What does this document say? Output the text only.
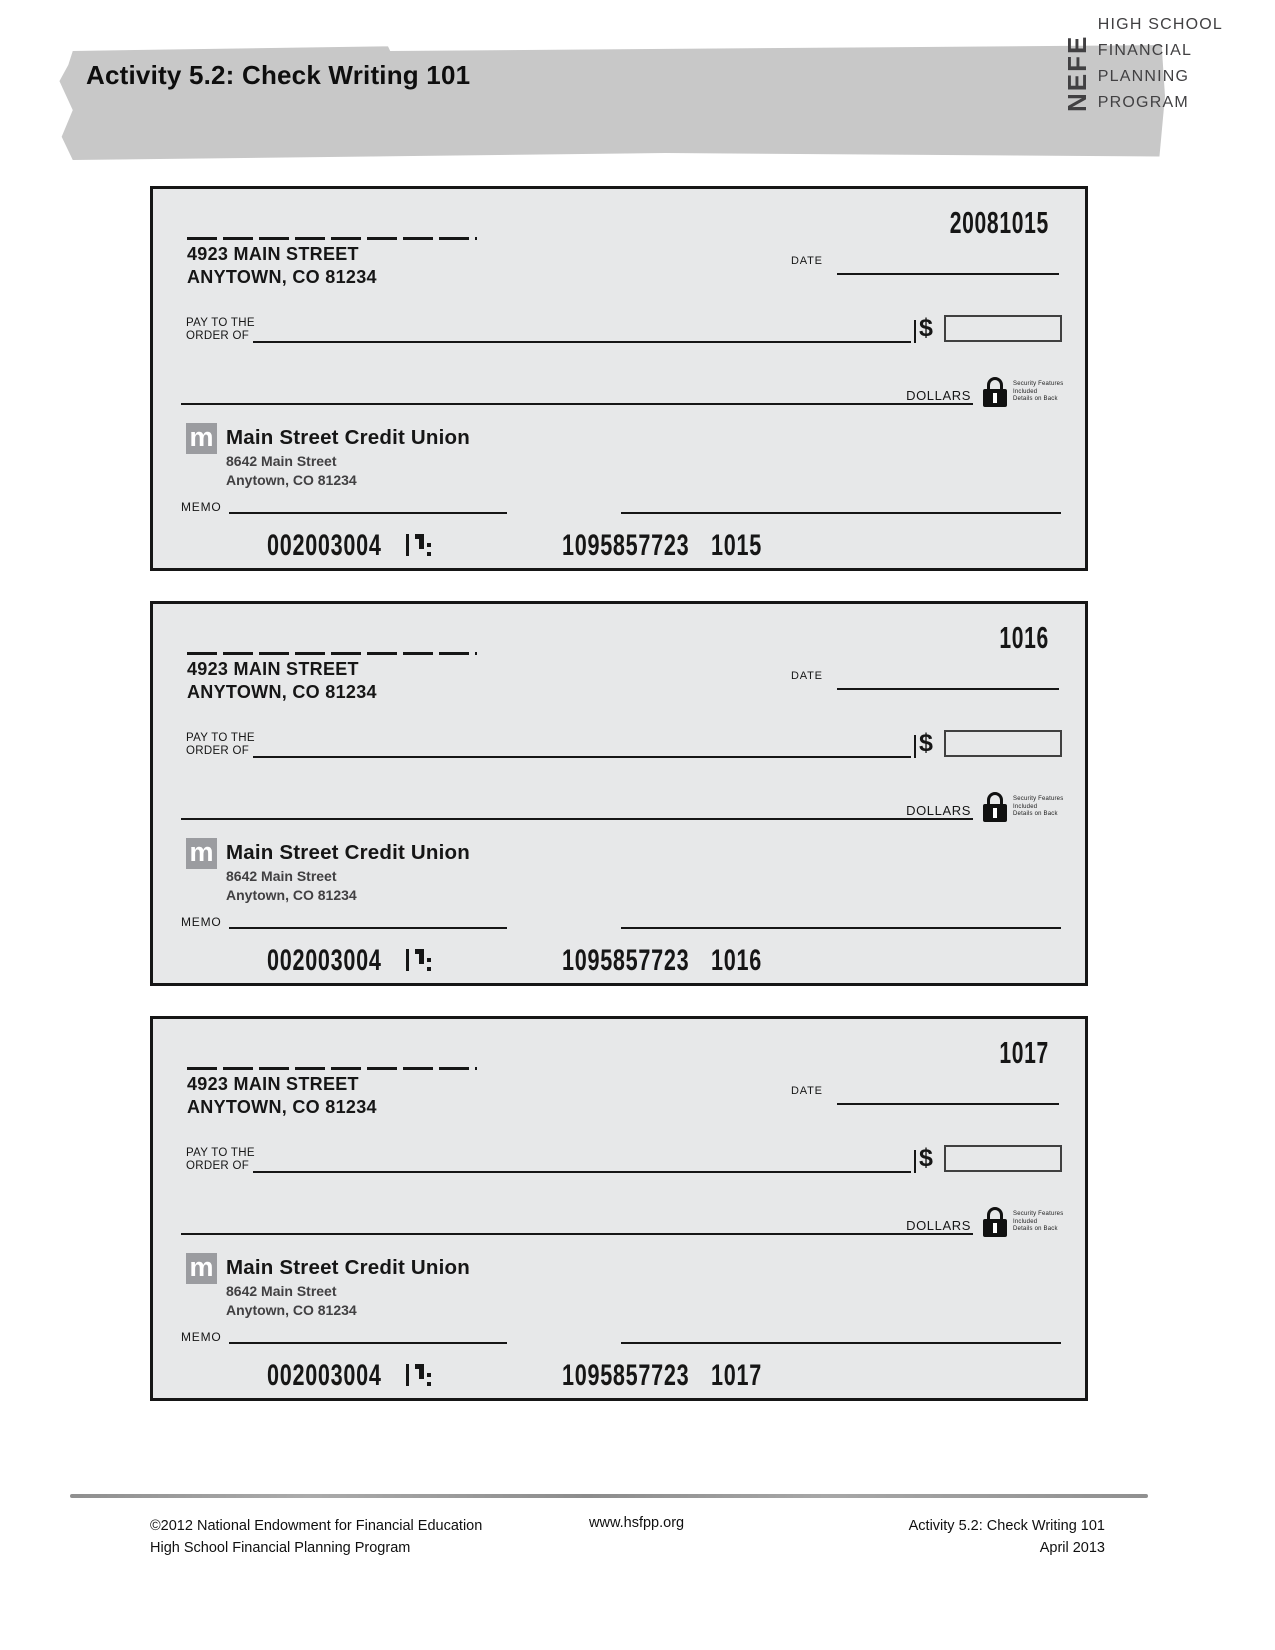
Activity 5.2: Check Writing 101	NEFE
HIGH SCHOOL
FINANCIAL
PLANNING
PROGRAM
20081015
4923 MAIN STREET
ANYTOWN, CO 81234
DATE
PAY TO THE
ORDER OF	$
DOLLARS
Security Features
Included
Details on Back
m Main Street Credit Union
8642 Main Street
Anytown, CO 81234
MEMO
002003004	1095857723 1015
1016
4923 MAIN STREET
ANYTOWN, CO 81234
DATE
PAY TO THE
ORDER OF	$
DOLLARS
Security Features
Included
Details on Back
m Main Street Credit Union
8642 Main Street
Anytown, CO 81234
MEMO
002003004	1095857723 1016
1017
4923 MAIN STREET
ANYTOWN, CO 81234
DATE
PAY TO THE
ORDER OF	$
DOLLARS
Security Features
Included
Details on Back
m Main Street Credit Union
8642 Main Street
Anytown, CO 81234
MEMO
002003004	1095857723 1017
©2012 National Endowment for Financial Education
High School Financial Planning Program
www.hsfpp.org	Activity 5.2: Check Writing 101
April 2013
